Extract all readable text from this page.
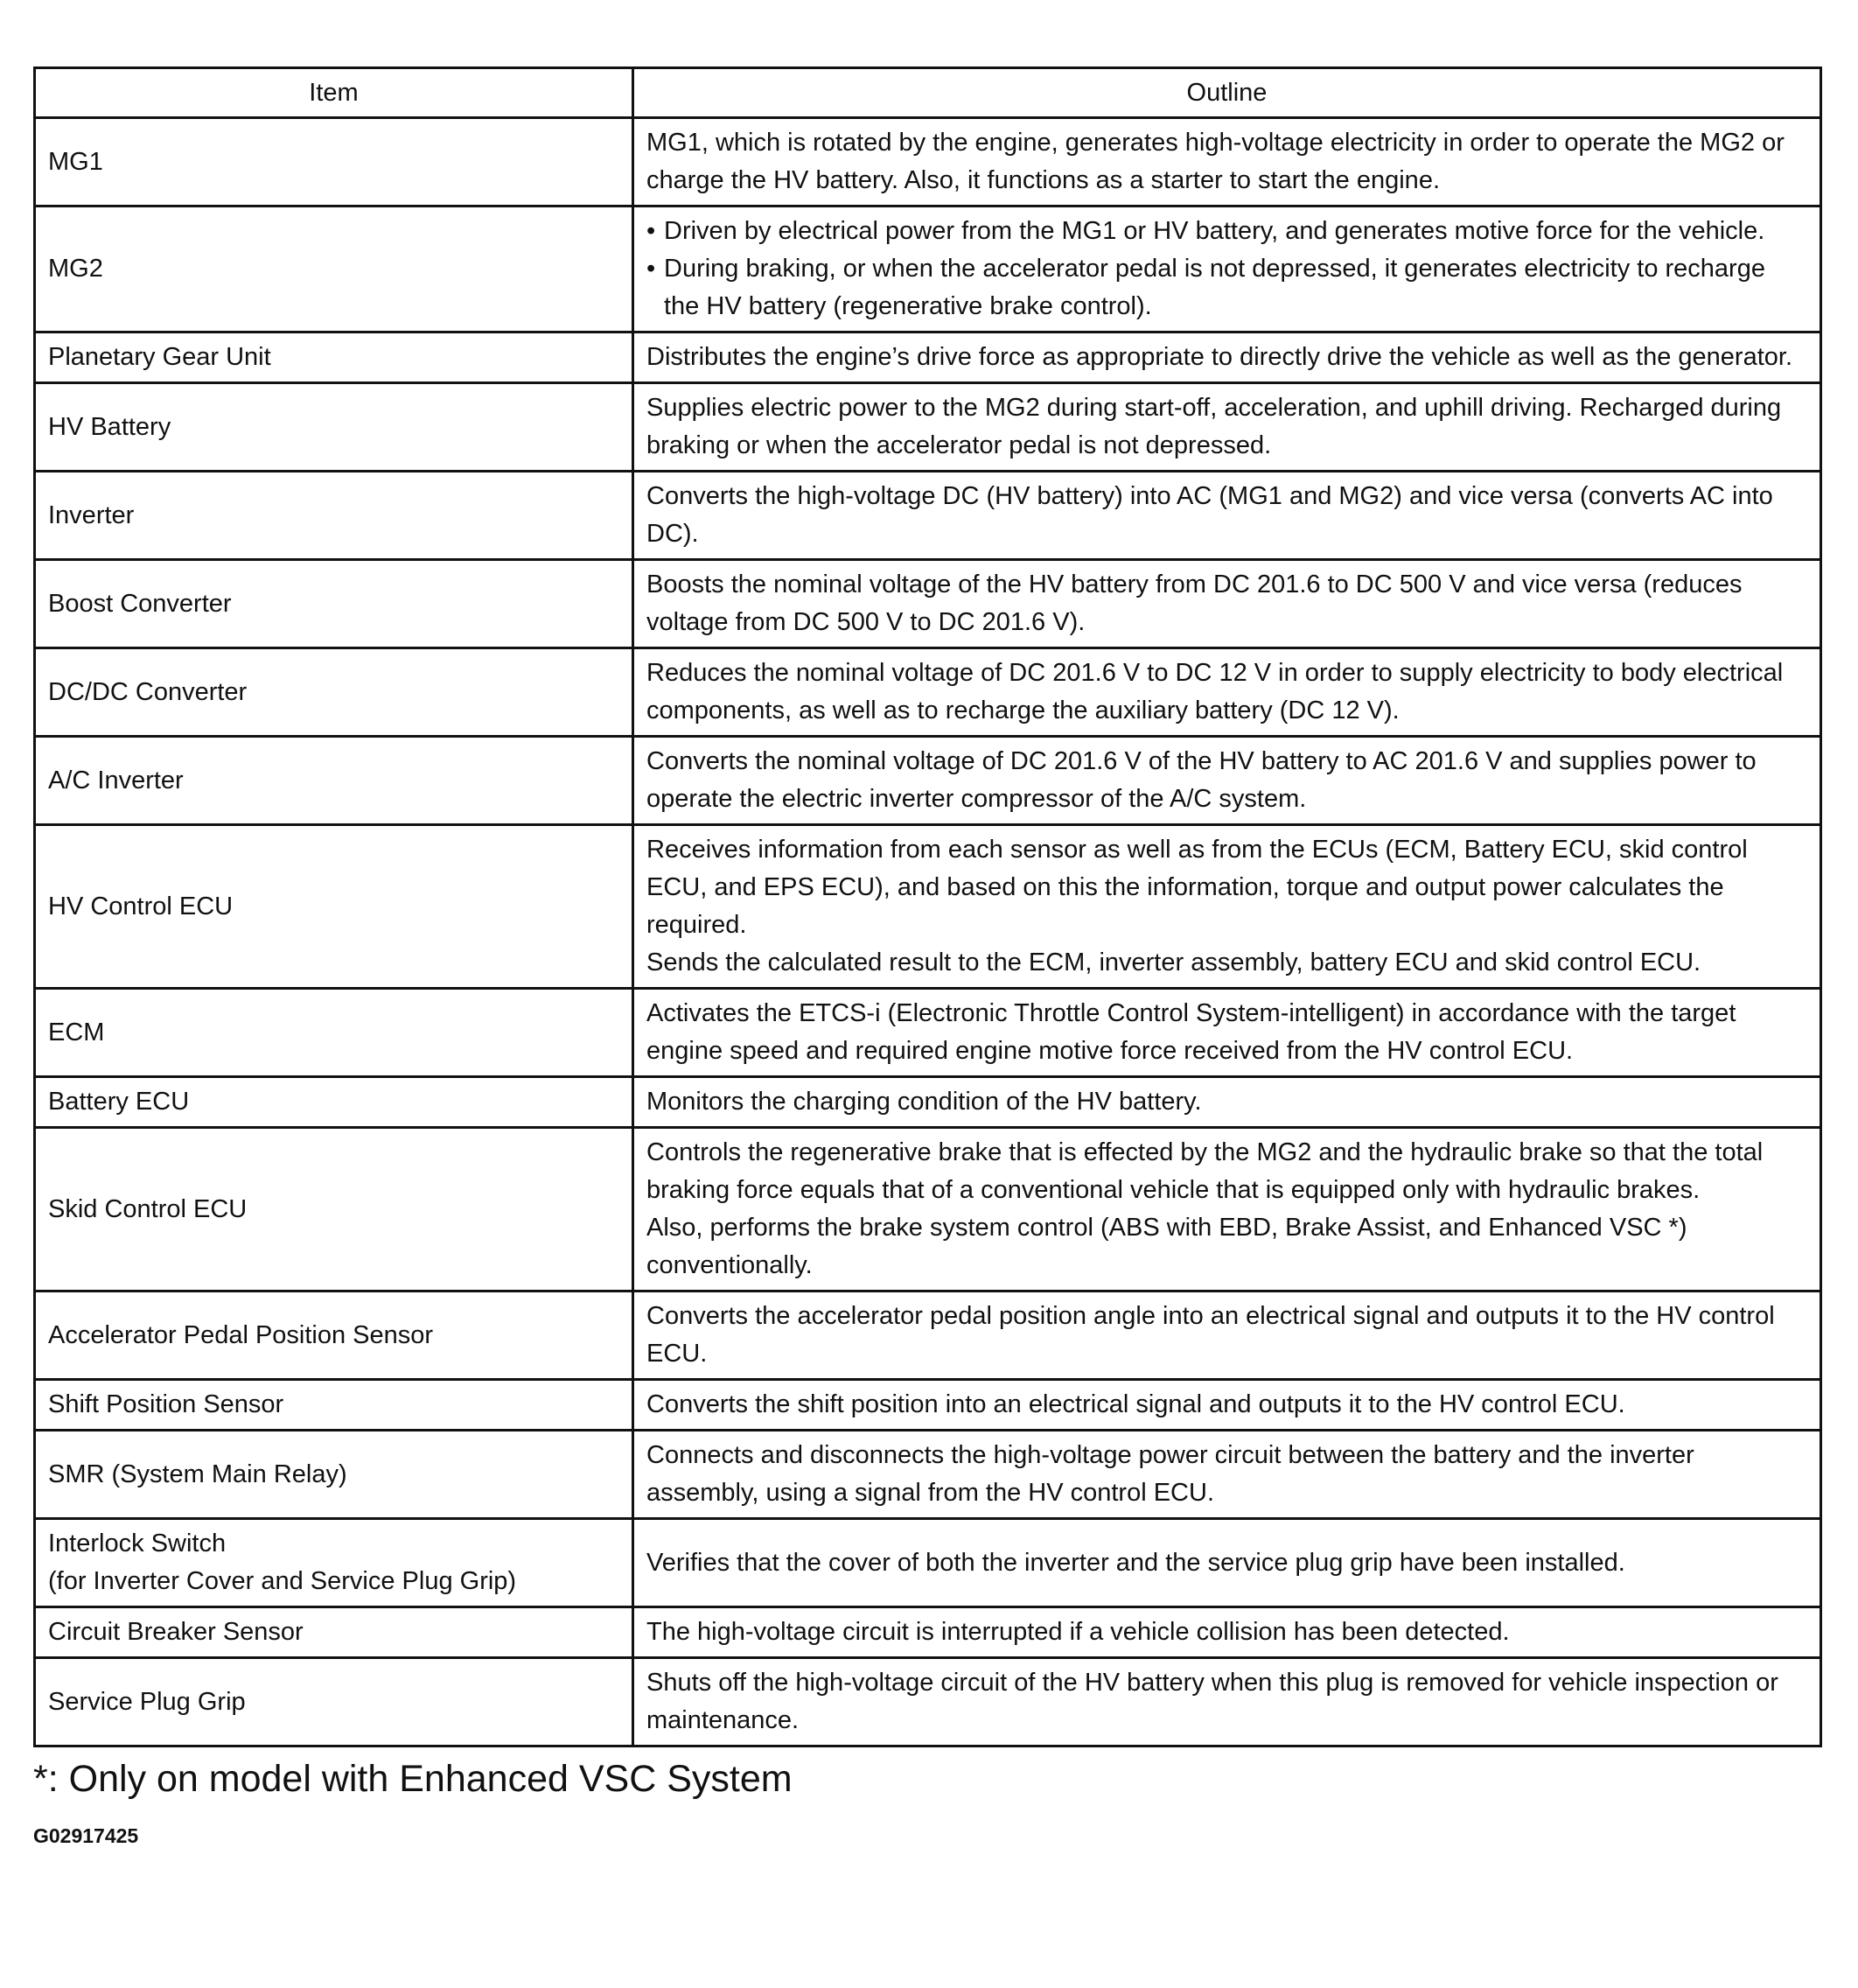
Item	Outline

MG1	MG1, which is rotated by the engine, generates high-voltage electricity in order to operate the MG2 or charge the HV battery. Also, it functions as a starter to start the engine.

MG2	• Driven by electrical power from the MG1 or HV battery, and generates motive force for the vehicle.
• During braking, or when the accelerator pedal is not depressed, it generates electricity to recharge the HV battery (regenerative brake control).

Planetary Gear Unit	Distributes the engine’s drive force as appropriate to directly drive the vehicle as well as the generator.

HV Battery	Supplies electric power to the MG2 during start-off, acceleration, and uphill driving. Recharged during braking or when the accelerator pedal is not depressed.

Inverter	Converts the high-voltage DC (HV battery) into AC (MG1 and MG2) and vice versa (converts AC into DC).

Boost Converter	Boosts the nominal voltage of the HV battery from DC 201.6 to DC 500 V and vice versa (reduces voltage from DC 500 V to DC 201.6 V).

DC/DC Converter	Reduces the nominal voltage of DC 201.6 V to DC 12 V in order to supply electricity to body electrical components, as well as to recharge the auxiliary battery (DC 12 V).

A/C Inverter	Converts the nominal voltage of DC 201.6 V of the HV battery to AC 201.6 V and supplies power to operate the electric inverter compressor of the A/C system.

HV Control ECU	Receives information from each sensor as well as from the ECUs (ECM, Battery ECU, skid control ECU, and EPS ECU), and based on this the information, torque and output power calculates the required.
Sends the calculated result to the ECM, inverter assembly, battery ECU and skid control ECU.

ECM	Activates the ETCS-i (Electronic Throttle Control System-intelligent) in accordance with the target engine speed and required engine motive force received from the HV control ECU.

Battery ECU	Monitors the charging condition of the HV battery.

Skid Control ECU	Controls the regenerative brake that is effected by the MG2 and the hydraulic brake so that the total braking force equals that of a conventional vehicle that is equipped only with hydraulic brakes.
Also, performs the brake system control (ABS with EBD, Brake Assist, and Enhanced VSC *) conventionally.

Accelerator Pedal Position Sensor	Converts the accelerator pedal position angle into an electrical signal and outputs it to the HV control ECU.

Shift Position Sensor	Converts the shift position into an electrical signal and outputs it to the HV control ECU.

SMR (System Main Relay)	Connects and disconnects the high-voltage power circuit between the battery and the inverter assembly, using a signal from the HV control ECU.

Interlock Switch
(for Inverter Cover and Service Plug Grip)	Verifies that the cover of both the inverter and the service plug grip have been installed.

Circuit Breaker Sensor	The high-voltage circuit is interrupted if a vehicle collision has been detected.

Service Plug Grip	Shuts off the high-voltage circuit of the HV battery when this plug is removed for vehicle inspection or maintenance.
*: Only on model with Enhanced VSC System
G02917425
